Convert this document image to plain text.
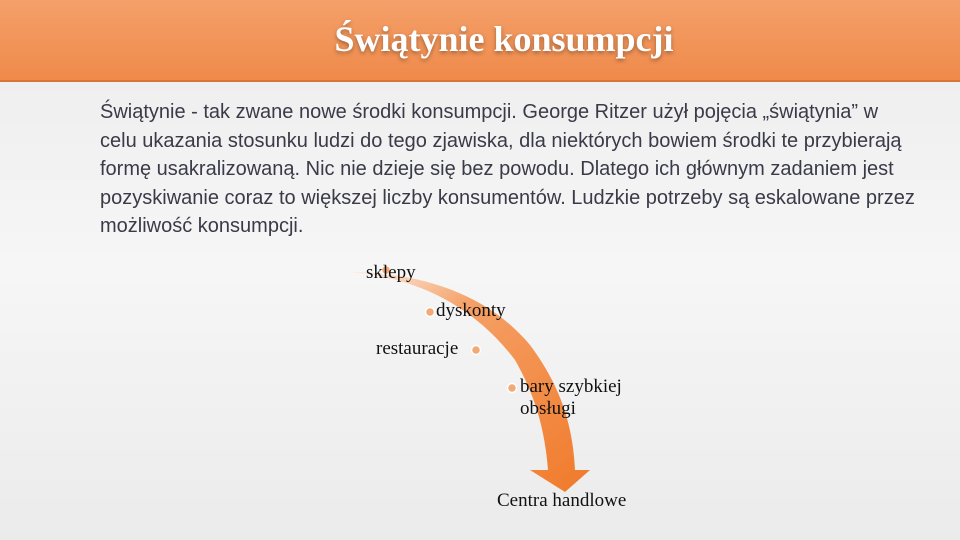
Świątynie konsumpcji

Świątynie - tak zwane nowe środki konsumpcji. George Ritzer użył pojęcia „świątynia” w celu ukazania stosunku ludzi do tego zjawiska, dla niektórych bowiem środki te przybierają formę usakralizowaną. Nic nie dzieje się bez powodu. Dlatego ich głównym zadaniem jest pozyskiwanie coraz to większej liczby konsumentów. Ludzkie potrzeby są eskalowane przez możliwość konsumpcji.

sklepy
dyskonty
restauracje
bary szybkiej obsługi
Centra handlowe
